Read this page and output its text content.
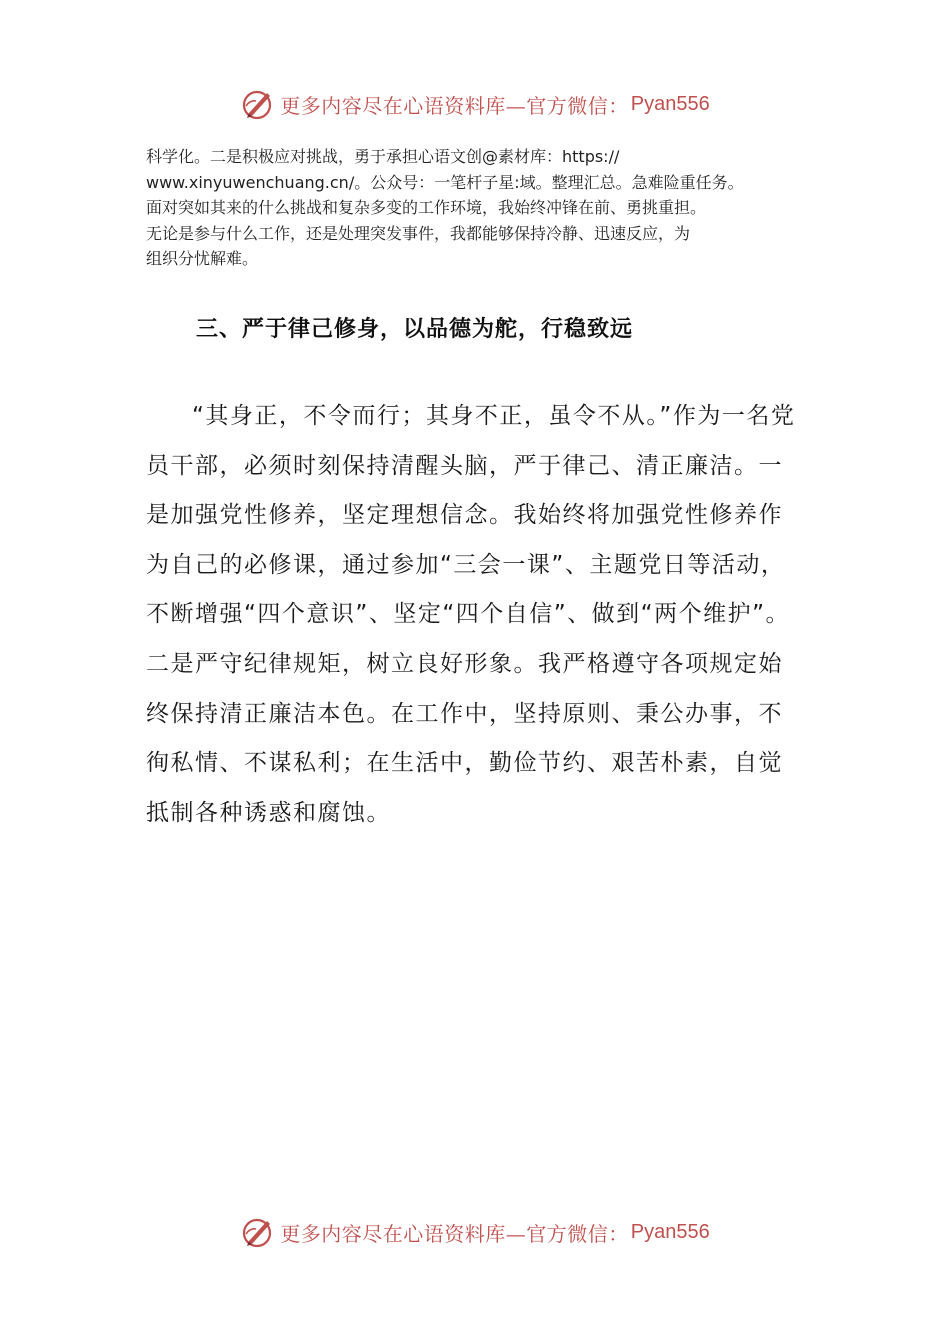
更多内容尽在心语资料库—官方微信： Pyan556

科学化。二是积极应对挑战，勇于承担心语文创@素材库：https://

www.xinyuwenchuang.cn/。公众号：一笔杆子星:域。整理汇总。急难险重任务。

面对突如其来的什么挑战和复杂多变的工作环境，我始终冲锋在前、勇挑重担。

无论是参与什么工作，还是处理突发事件，我都能够保持冷静、迅速反应，为

组织分忧解难。

三、严于律己修身，以品德为舵，行稳致远

“其身正，不令而行；其身不正，虽令不从。”作为一名党员干部，必须时刻保持清醒头脑，严于律己、清正廉洁。一是加强党性修养，坚定理想信念。我始终将加强党性修养作为自己的必修课，通过参加“三会一课”、主题党日等活动，不断增强“四个意识”、坚定“四个自信”、做到“两个维护”。二是严守纪律规矩，树立良好形象。我严格遵守各项规定始终保持清正廉洁本色。在工作中，坚持原则、秉公办事，不徇私情、不谋私利；在生活中，勤俭节约、艰苦朴素，自觉抵制各种诱惑和腐蚀。

更多内容尽在心语资料库—官方微信： Pyan556
